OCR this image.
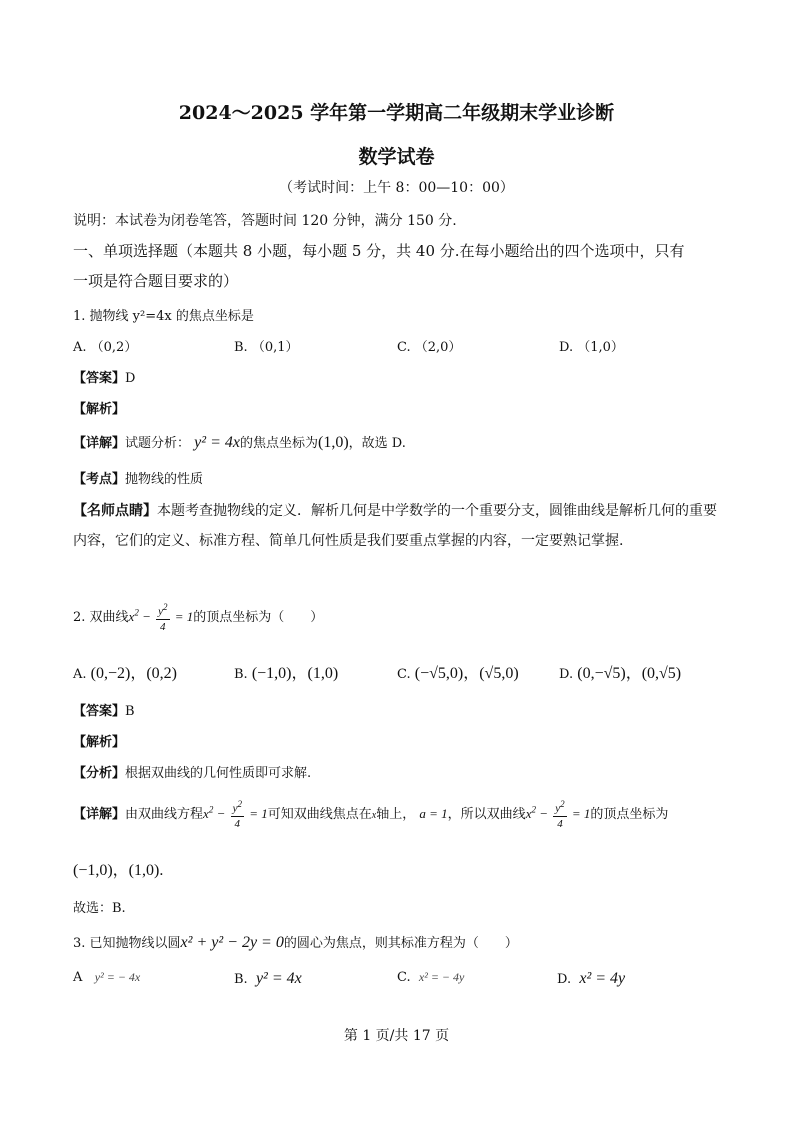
2024～2025 学年第一学期高二年级期末学业诊断
数学试卷
（考试时间：上午 8：00—10：00）
说明：本试卷为闭卷笔答，答题时间 120 分钟，满分 150 分.
一、单项选择题（本题共 8 小题，每小题 5 分，共 40 分.在每小题给出的四个选项中，只有
一项是符合题目要求的）
1. 抛物线 y²=4x 的焦点坐标是
A. （0,2）	B. （0,1）	C. （2,0）	D. （1,0）
【答案】D
【解析】
【详解】试题分析： y² = 4x的焦点坐标为(1,0)，故选 D.
【考点】抛物线的性质
【名师点睛】本题考查抛物线的定义．解析几何是中学数学的一个重要分支，圆锥曲线是解析几何的重要
内容，它们的定义、标准方程、简单几何性质是我们要重点掌握的内容，一定要熟记掌握.
2. 双曲线$x^2 - \frac{y^2}{4} = 1$的顶点坐标为（　　）
A. (0,−2)，(0,2)	B. (−1,0)，(1,0)	C. (−√5,0)，(√5,0)	D. (0,−√5)，(0,√5)
【答案】B
【解析】
【分析】根据双曲线的几何性质即可求解.
【详解】由双曲线方程$x^2 - \frac{y^2}{4} = 1$可知双曲线焦点在x轴上， a = 1，所以双曲线$x^2 - \frac{y^2}{4} = 1$的顶点坐标为
(−1,0)，(1,0).
故选：B.
3. 已知抛物线以圆x² + y² − 2y = 0的圆心为焦点，则其标准方程为（　　）
A y² = − 4x	B. y² = 4x	C. x² = − 4y	D. x² = 4y
第 1 页/共 17 页
